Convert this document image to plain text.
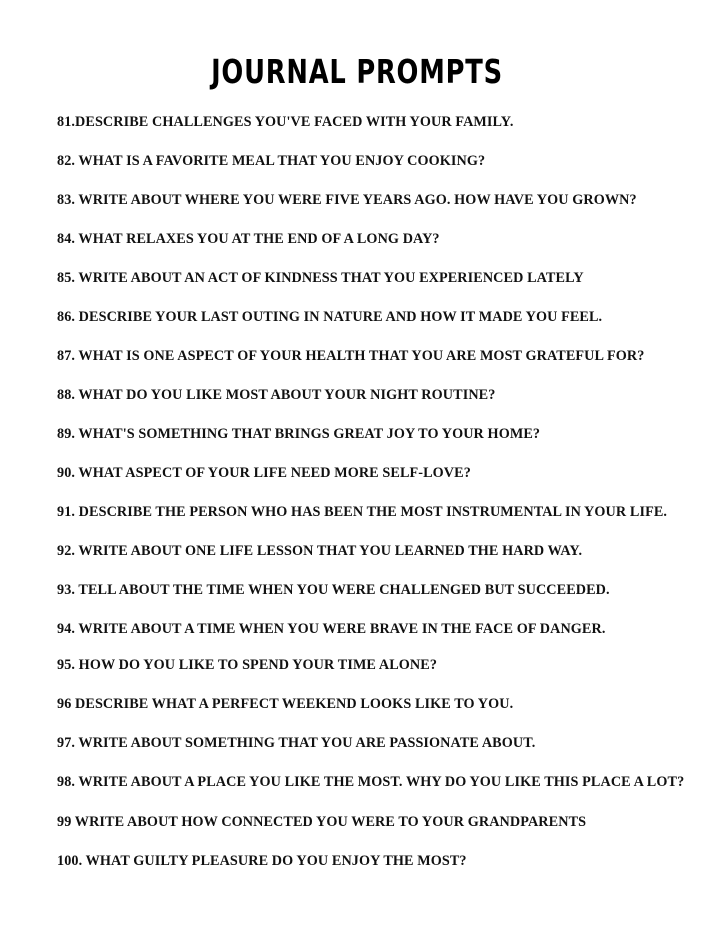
JOURNAL PROMPTS
81.DESCRIBE CHALLENGES YOU'VE FACED WITH YOUR FAMILY.
82. WHAT IS A FAVORITE MEAL THAT YOU ENJOY COOKING?
83. WRITE ABOUT WHERE YOU WERE FIVE YEARS AGO. HOW HAVE YOU GROWN?
84. WHAT RELAXES YOU AT THE END OF A LONG DAY?
85. WRITE ABOUT AN ACT OF KINDNESS THAT YOU EXPERIENCED LATELY
86. DESCRIBE YOUR LAST OUTING IN NATURE AND HOW IT MADE YOU FEEL.
87. WHAT IS ONE ASPECT OF YOUR HEALTH THAT YOU ARE MOST GRATEFUL FOR?
88. WHAT DO YOU LIKE MOST ABOUT YOUR NIGHT ROUTINE?
89. WHAT'S SOMETHING THAT BRINGS GREAT JOY TO YOUR HOME?
90. WHAT ASPECT OF YOUR LIFE NEED MORE SELF-LOVE?
91. DESCRIBE THE PERSON WHO HAS BEEN THE MOST INSTRUMENTAL IN YOUR LIFE.
92. WRITE ABOUT ONE LIFE LESSON THAT YOU LEARNED THE HARD WAY.
93. TELL ABOUT THE TIME WHEN YOU WERE CHALLENGED BUT SUCCEEDED.
94. WRITE ABOUT A TIME WHEN YOU WERE BRAVE IN THE FACE OF DANGER.
95. HOW DO YOU LIKE TO SPEND YOUR TIME ALONE?
96 DESCRIBE WHAT A PERFECT WEEKEND LOOKS LIKE TO YOU.
97. WRITE ABOUT SOMETHING THAT YOU ARE PASSIONATE ABOUT.
98. WRITE ABOUT A PLACE YOU LIKE THE MOST. WHY DO YOU LIKE THIS PLACE A LOT?
99 WRITE ABOUT HOW CONNECTED YOU WERE TO YOUR GRANDPARENTS
100. WHAT GUILTY PLEASURE DO YOU ENJOY THE MOST?
